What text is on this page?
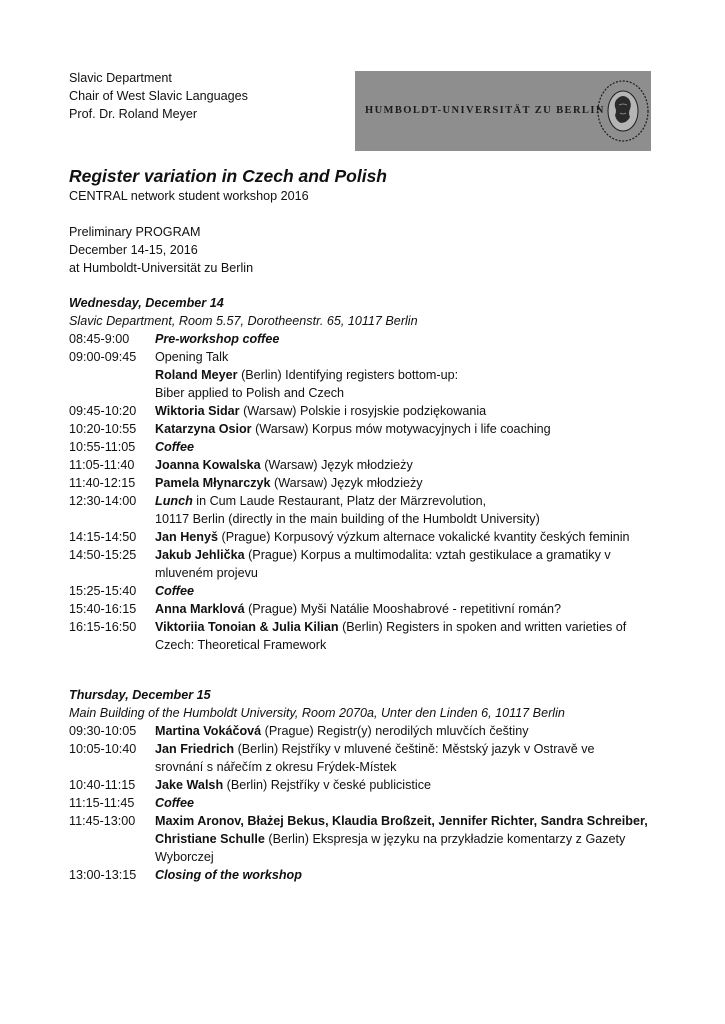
Slavic Department
Chair of West Slavic Languages
Prof. Dr. Roland Meyer	HUMBOLDT-UNIVERSITÄT ZU BERLIN
Register variation in Czech and Polish
CENTRAL network student workshop 2016
Preliminary PROGRAM
December 14-15, 2016
at Humboldt-Universität zu Berlin
Wednesday, December 14
Slavic Department, Room 5.57, Dorotheenstr. 65, 10117 Berlin
08:45-9:00	Pre-workshop coffee
09:00-09:45	Opening Talk
Roland Meyer (Berlin) Identifying registers bottom-up:
Biber applied to Polish and Czech
09:45-10:20	Wiktoria Sidar (Warsaw) Polskie i rosyjskie podziękowania
10:20-10:55	Katarzyna Osior (Warsaw) Korpus mów motywacyjnych i life coaching
10:55-11:05	Coffee
11:05-11:40	Joanna Kowalska (Warsaw) Język młodzieży
11:40-12:15	Pamela Młynarczyk (Warsaw) Język młodzieży
12:30-14:00	Lunch in Cum Laude Restaurant, Platz der Märzrevolution,
10117 Berlin (directly in the main building of the Humboldt University)
14:15-14:50	Jan Henyš (Prague) Korpusový výzkum alternace vokalické kvantity českých feminin
14:50-15:25	Jakub Jehlička (Prague) Korpus a multimodalita: vztah gestikulace a gramatiky v
mluveném projevu
15:25-15:40	Coffee
15:40-16:15	Anna Marklová (Prague) Myši Natálie Mooshabrové - repetitivní román?
16:15-16:50	Viktoriia Tonoian & Julia Kilian (Berlin) Registers in spoken and written varieties of
Czech: Theoretical Framework
Thursday, December 15
Main Building of the Humboldt University, Room 2070a, Unter den Linden 6, 10117 Berlin
09:30-10:05	Martina Vokáčová (Prague) Registr(y) nerodilých mluvčích češtiny
10:05-10:40	Jan Friedrich (Berlin) Rejstříky v mluvené češtině: Městský jazyk v Ostravě ve
srovnání s nářečím z okresu Frýdek-Místek
10:40-11:15	Jake Walsh (Berlin) Rejstříky v české publicistice
11:15-11:45	Coffee
11:45-13:00	Maxim Aronov, Błażej Bekus, Klaudia Broßzeit, Jennifer Richter, Sandra Schreiber,
Christiane Schulle (Berlin) Ekspresja w języku na przykładzie komentarzy z Gazety
Wyborczej
13:00-13:15	Closing of the workshop
